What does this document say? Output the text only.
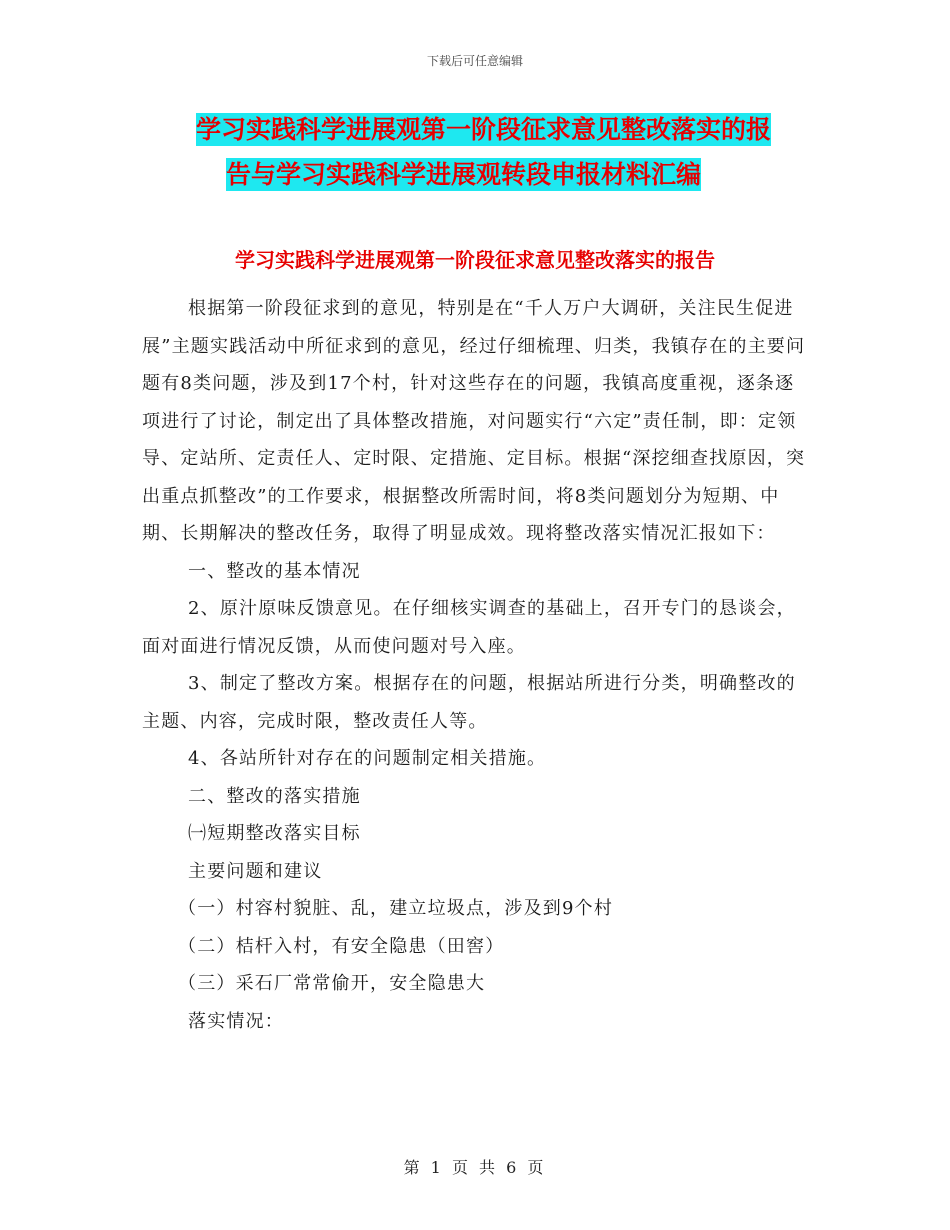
下载后可任意编辑
学习实践科学进展观第一阶段征求意见整改落实的报
告与学习实践科学进展观转段申报材料汇编
学习实践科学进展观第一阶段征求意见整改落实的报告

根据第一阶段征求到的意见，特别是在“千人万户大调研，关注民生促进展”主题实践活动中所征求到的意见，经过仔细梳理、归类，我镇存在的主要问题有8类问题，涉及到17个村，针对这些存在的问题，我镇高度重视，逐条逐项进行了讨论，制定出了具体整改措施，对问题实行“六定”责任制，即：定领导、定站所、定责任人、定时限、定措施、定目标。根据“深挖细查找原因，突出重点抓整改”的工作要求，根据整改所需时间，将8类问题划分为短期、中期、长期解决的整改任务，取得了明显成效。现将整改落实情况汇报如下：

一、整改的基本情况

2、原汁原味反馈意见。在仔细核实调查的基础上，召开专门的恳谈会，面对面进行情况反馈，从而使问题对号入座。

3、制定了整改方案。根据存在的问题，根据站所进行分类，明确整改的主题、内容，完成时限，整改责任人等。

4、各站所针对存在的问题制定相关措施。

二、整改的落实措施

㈠短期整改落实目标

主要问题和建议

（一）村容村貌脏、乱，建立垃圾点，涉及到9个村

（二）桔杆入村，有安全隐患（田窖）

（三）采石厂常常偷开，安全隐患大

落实情况：

第 1 页 共 6 页
